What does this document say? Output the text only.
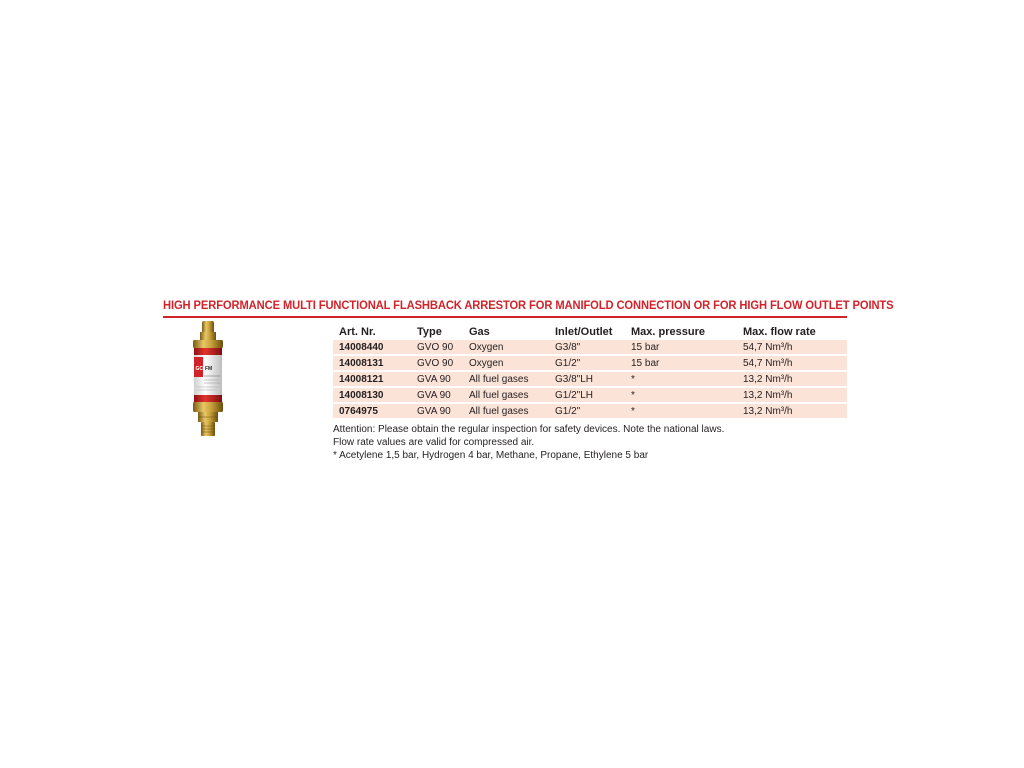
HIGH PERFORMANCE MULTI FUNCTIONAL FLASHBACK ARRESTOR FOR MANIFOLD CONNECTION OR FOR HIGH FLOW OUTLET POINTS
GCE
FM
Art. Nr.	Type	Gas	Inlet/Outlet	Max. pressure	Max. flow rate
14008440	GVO 90	Oxygen	G3/8"	15 bar	54,7 Nm³/h
14008131	GVO 90	Oxygen	G1/2"	15 bar	54,7 Nm³/h
14008121	GVA 90	All fuel gases	G3/8"LH	*	13,2 Nm³/h
14008130	GVA 90	All fuel gases	G1/2"LH	*	13,2 Nm³/h
0764975	GVA 90	All fuel gases	G1/2"	*	13,2 Nm³/h
Attention: Please obtain the regular inspection for safety devices. Note the national laws.
Flow rate values are valid for compressed air.
* Acetylene 1,5 bar, Hydrogen 4 bar, Methane, Propane, Ethylene 5 bar
